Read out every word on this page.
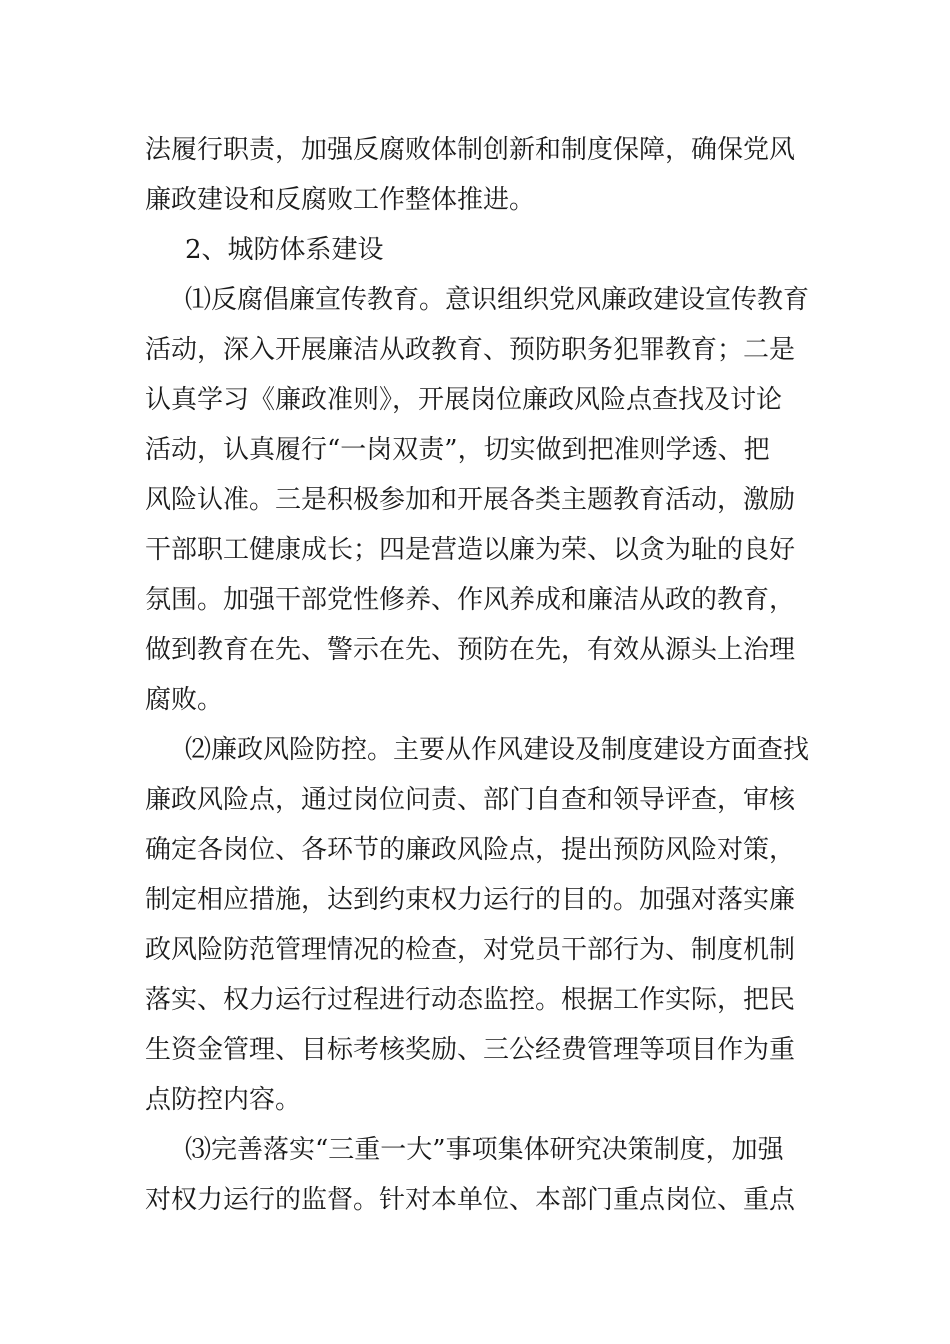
法履行职责，加强反腐败体制创新和制度保障，确保党风
廉政建设和反腐败工作整体推进。
2、城防体系建设
⑴反腐倡廉宣传教育。意识组织党风廉政建设宣传教育
活动，深入开展廉洁从政教育、预防职务犯罪教育；二是
认真学习《廉政准则》，开展岗位廉政风险点查找及讨论
活动，认真履行“一岗双责”，切实做到把准则学透、把
风险认准。三是积极参加和开展各类主题教育活动，激励
干部职工健康成长；四是营造以廉为荣、以贪为耻的良好
氛围。加强干部党性修养、作风养成和廉洁从政的教育，
做到教育在先、警示在先、预防在先，有效从源头上治理
腐败。
⑵廉政风险防控。主要从作风建设及制度建设方面查找
廉政风险点，通过岗位问责、部门自查和领导评查，审核
确定各岗位、各环节的廉政风险点，提出预防风险对策，
制定相应措施，达到约束权力运行的目的。加强对落实廉
政风险防范管理情况的检查，对党员干部行为、制度机制
落实、权力运行过程进行动态监控。根据工作实际，把民
生资金管理、目标考核奖励、三公经费管理等项目作为重
点防控内容。
⑶完善落实“三重一大”事项集体研究决策制度，加强
对权力运行的监督。针对本单位、本部门重点岗位、重点
